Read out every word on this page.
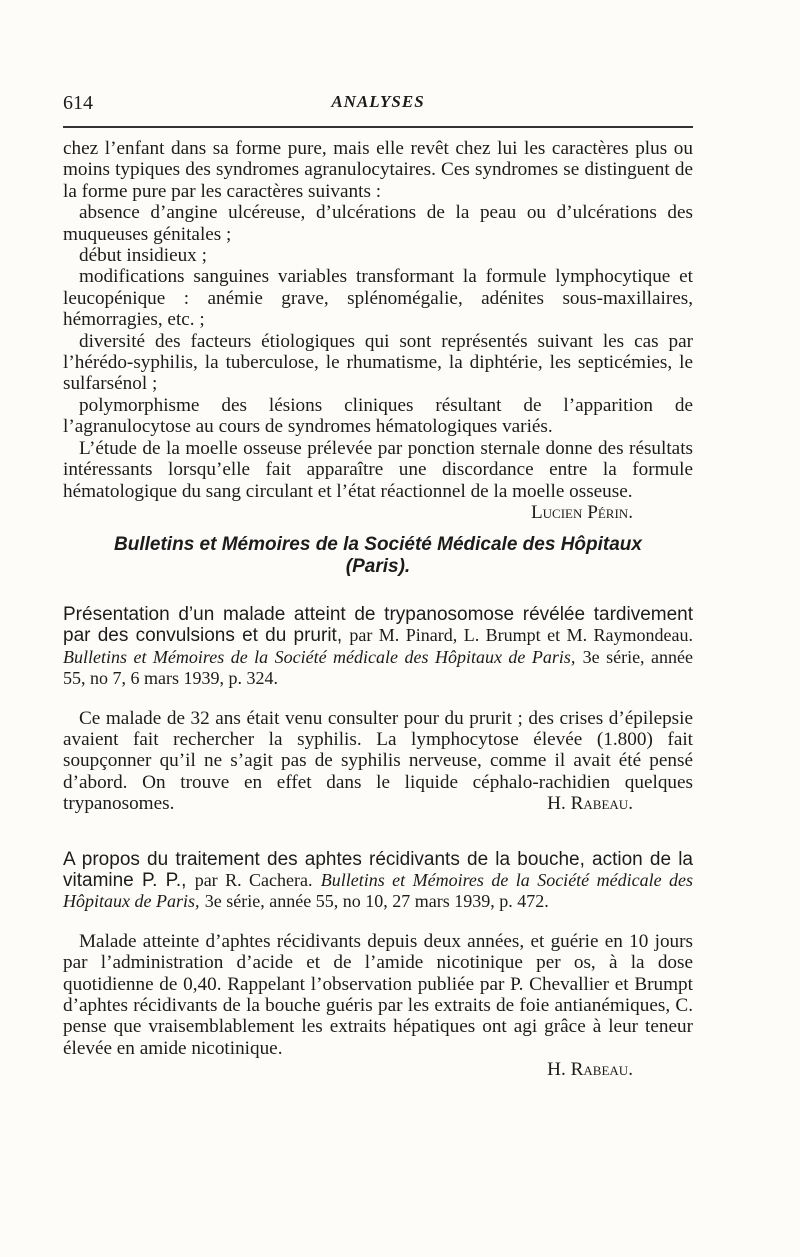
614	ANALYSES

chez l’enfant dans sa forme pure, mais elle revêt chez lui les caractères plus ou moins typiques des syndromes agranulocytaires. Ces syndromes se distinguent de la forme pure par les caractères suivants :

absence d’angine ulcéreuse, d’ulcérations de la peau ou d’ulcérations des muqueuses génitales ;

début insidieux ;

modifications sanguines variables transformant la formule lymphocytique et leucopénique : anémie grave, splénomégalie, adénites sous-maxillaires, hémorragies, etc. ;

diversité des facteurs étiologiques qui sont représentés suivant les cas par l’hérédo-syphilis, la tuberculose, le rhumatisme, la diphtérie, les septicémies, le sulfarsénol ;

polymorphisme des lésions cliniques résultant de l’apparition de l’agranulocytose au cours de syndromes hématologiques variés.

L’étude de la moelle osseuse prélevée par ponction sternale donne des résultats intéressants lorsqu’elle fait apparaître une discordance entre la formule hématologique du sang circulant et l’état réactionnel de la moelle osseuse.
Lucien Périn.

Bulletins et Mémoires de la Société Médicale des Hôpitaux
(Paris).
Présentation d’un malade atteint de trypanosomose révélée tardivement par des convulsions et du prurit, par M. Pinard, L. Brumpt et M. Raymondeau. Bulletins et Mémoires de la Société médicale des Hôpitaux de Paris, 3e série, année 55, no 7, 6 mars 1939, p. 324.

Ce malade de 32 ans était venu consulter pour du prurit ; des crises d’épilepsie avaient fait rechercher la syphilis. La lymphocytose élevée (1.800) fait soupçonner qu’il ne s’agit pas de syphilis nerveuse, comme il avait été pensé d’abord. On trouve en effet dans le liquide céphalo-rachidien quelques trypanosomes.	H. Rabeau.

A propos du traitement des aphtes récidivants de la bouche, action de la vitamine P. P., par R. Cachera. Bulletins et Mémoires de la Société médicale des Hôpitaux de Paris, 3e série, année 55, no 10, 27 mars 1939, p. 472.

Malade atteinte d’aphtes récidivants depuis deux années, et guérie en 10 jours par l’administration d’acide et de l’amide nicotinique per os, à la dose quotidienne de 0,40. Rappelant l’observation publiée par P. Chevallier et Brumpt d’aphtes récidivants de la bouche guéris par les extraits de foie antianémiques, C. pense que vraisemblablement les extraits hépatiques ont agi grâce à leur teneur élevée en amide nicotinique.

H. Rabeau.
